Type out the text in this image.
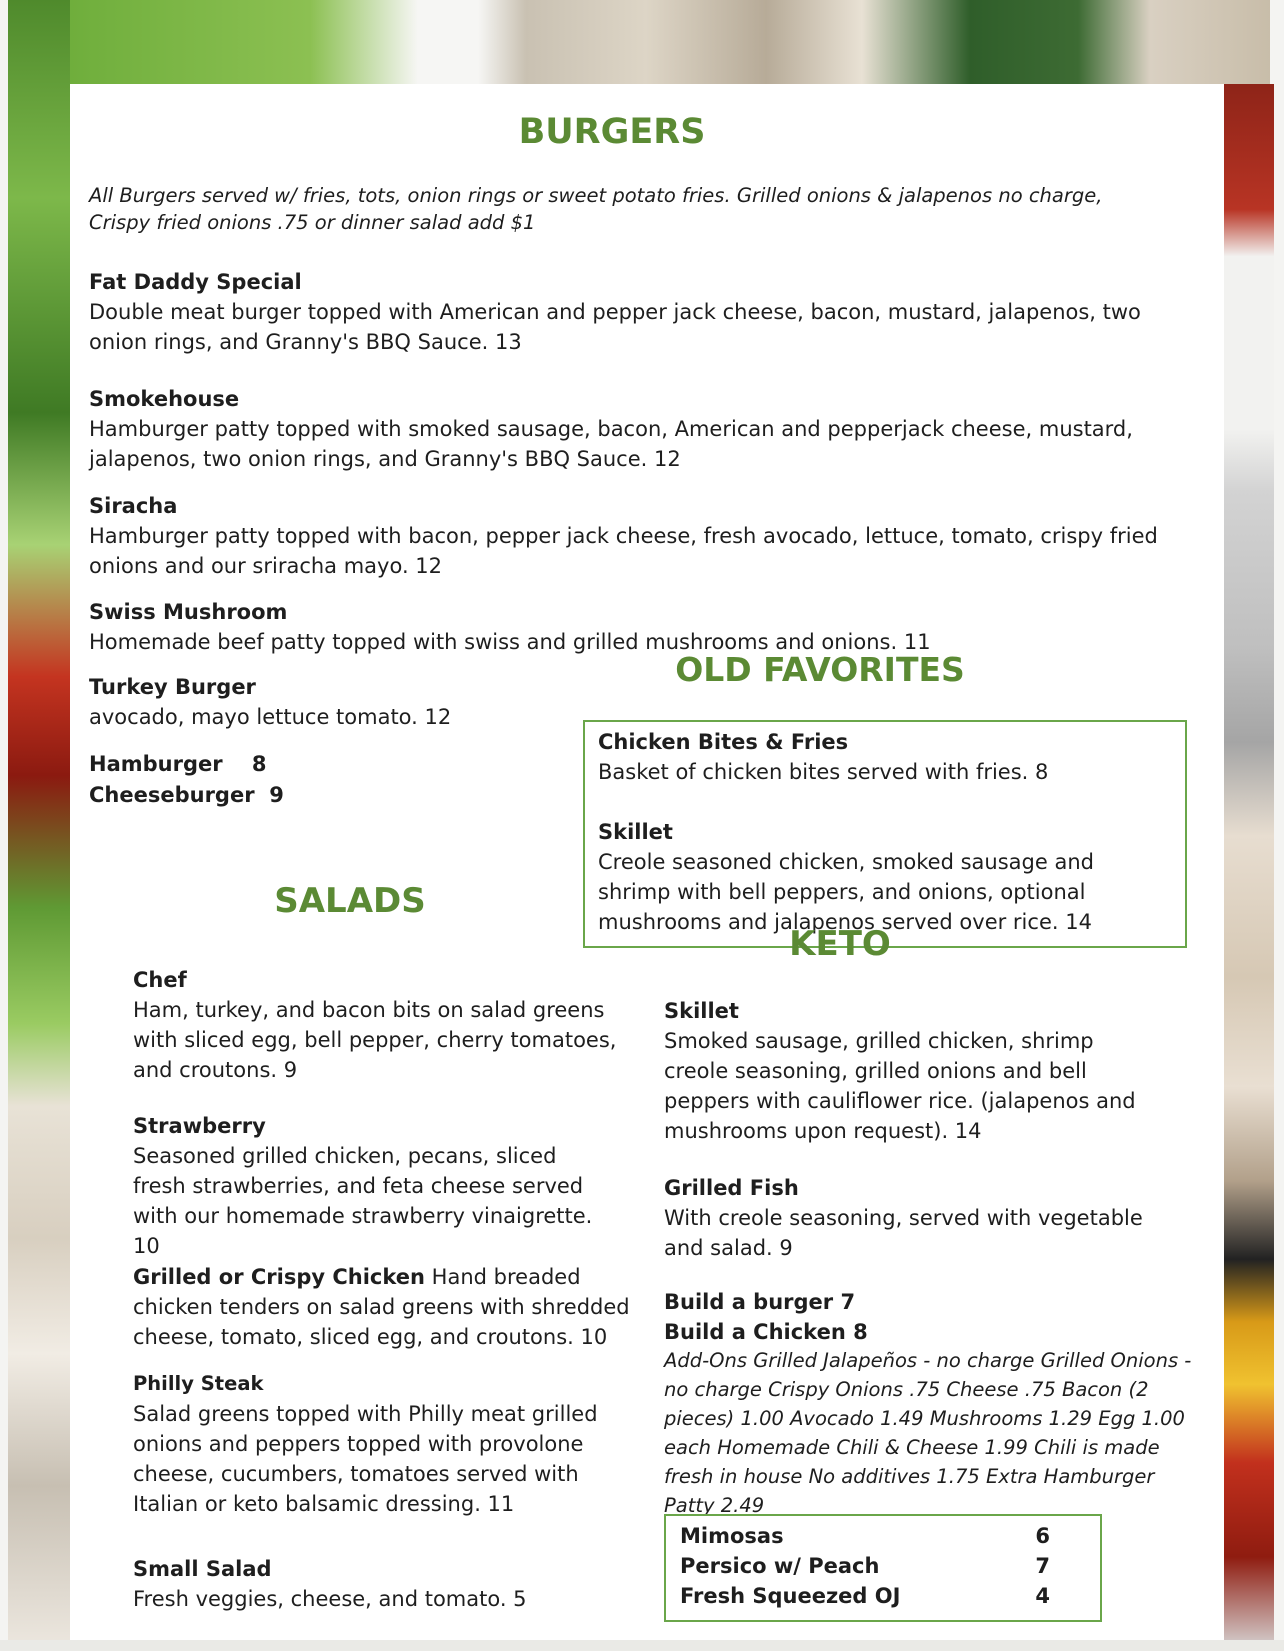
BURGERS
All Burgers served w/ fries, tots, onion rings or sweet potato fries. Grilled onions & jalapenos no charge, Crispy fried onions .75 or dinner salad add $1
Fat Daddy Special
Double meat burger topped with American and pepper jack cheese, bacon, mustard, jalapenos, two onion rings, and Granny's BBQ Sauce. 13
Smokehouse
Hamburger patty topped with smoked sausage, bacon, American and pepperjack cheese, mustard, jalapenos, two onion rings, and Granny's BBQ Sauce. 12
Siracha
Hamburger patty topped with bacon, pepper jack cheese, fresh avocado, lettuce, tomato, crispy fried onions and our sriracha mayo. 12
Swiss Mushroom
Homemade beef patty topped with swiss and grilled mushrooms and onions. 11
Turkey Burger
avocado, mayo lettuce tomato. 12
Hamburger 8
Cheeseburger 9
OLD FAVORITES
Chicken Bites & Fries
Basket of chicken bites served with fries. 8
Skillet
Creole seasoned chicken, smoked sausage and shrimp with bell peppers, and onions, optional mushrooms and jalapenos served over rice. 14
SALADS
Chef
Ham, turkey, and bacon bits on salad greens with sliced egg, bell pepper, cherry tomatoes, and croutons. 9
Strawberry
Seasoned grilled chicken, pecans, sliced fresh strawberries, and feta cheese served with our homemade strawberry vinaigrette. 10
Grilled or Crispy Chicken Hand breaded chicken tenders on salad greens with shredded cheese, tomato, sliced egg, and croutons. 10
Philly Steak
Salad greens topped with Philly meat grilled onions and peppers topped with provolone cheese, cucumbers, tomatoes served with Italian or keto balsamic dressing. 11
Small Salad
Fresh veggies, cheese, and tomato. 5
KETO
Skillet
Smoked sausage, grilled chicken, shrimp creole seasoning, grilled onions and bell peppers with cauliflower rice. (jalapenos and mushrooms upon request). 14
Grilled Fish
With creole seasoning, served with vegetable and salad. 9
Build a burger 7
Build a Chicken 8
Add-Ons Grilled Jalapeños - no charge Grilled Onions - no charge Crispy Onions .75 Cheese .75 Bacon (2 pieces) 1.00 Avocado 1.49 Mushrooms 1.29 Egg 1.00 each Homemade Chili & Cheese 1.99 Chili is made fresh in house No additives 1.75 Extra Hamburger Patty 2.49
Mimosas	6
Persico w/ Peach	7
Fresh Squeezed OJ	4
